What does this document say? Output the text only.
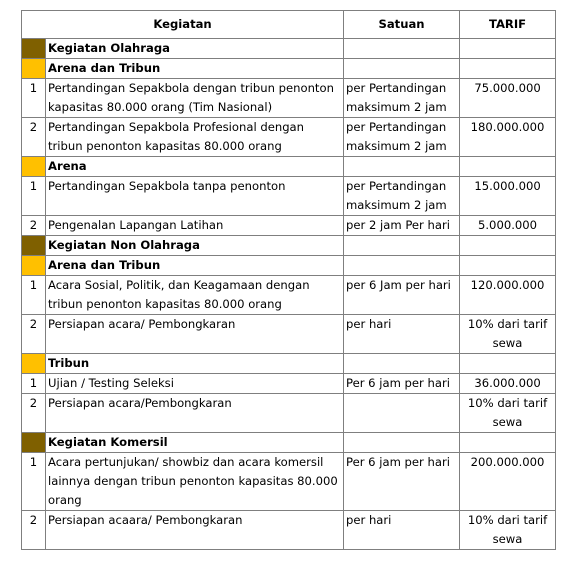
Kegiatan		Satuan	TARIF
	Kegiatan Olahraga		
	Arena dan Tribun		
1	Pertandingan Sepakbola dengan tribun penonton kapasitas 80.000 orang (Tim Nasional)	per Pertandingan maksimum 2 jam	75.000.000
2	Pertandingan Sepakbola Profesional dengan tribun penonton kapasitas 80.000 orang	per Pertandingan maksimum 2 jam	180.000.000
	Arena		
1	Pertandingan Sepakbola tanpa penonton	per Pertandingan maksimum 2 jam	15.000.000
2	Pengenalan Lapangan Latihan	per 2 jam Per hari	5.000.000
	Kegiatan Non Olahraga		
	Arena dan Tribun		
1	Acara Sosial, Politik, dan Keagamaan dengan tribun penonton kapasitas 80.000 orang	per 6 Jam per hari	120.000.000
2	Persiapan acara/ Pembongkaran	per hari	10% dari tarif sewa
	Tribun		
1	Ujian / Testing Seleksi	Per 6 jam per hari	36.000.000
2	Persiapan acara/Pembongkaran		10% dari tarif sewa
	Kegiatan Komersil		
1	Acara pertunjukan/ showbiz dan acara komersil lainnya dengan tribun penonton kapasitas 80.000 orang	Per 6 jam per hari	200.000.000
2	Persiapan acaara/ Pembongkaran	per hari	10% dari tarif sewa
